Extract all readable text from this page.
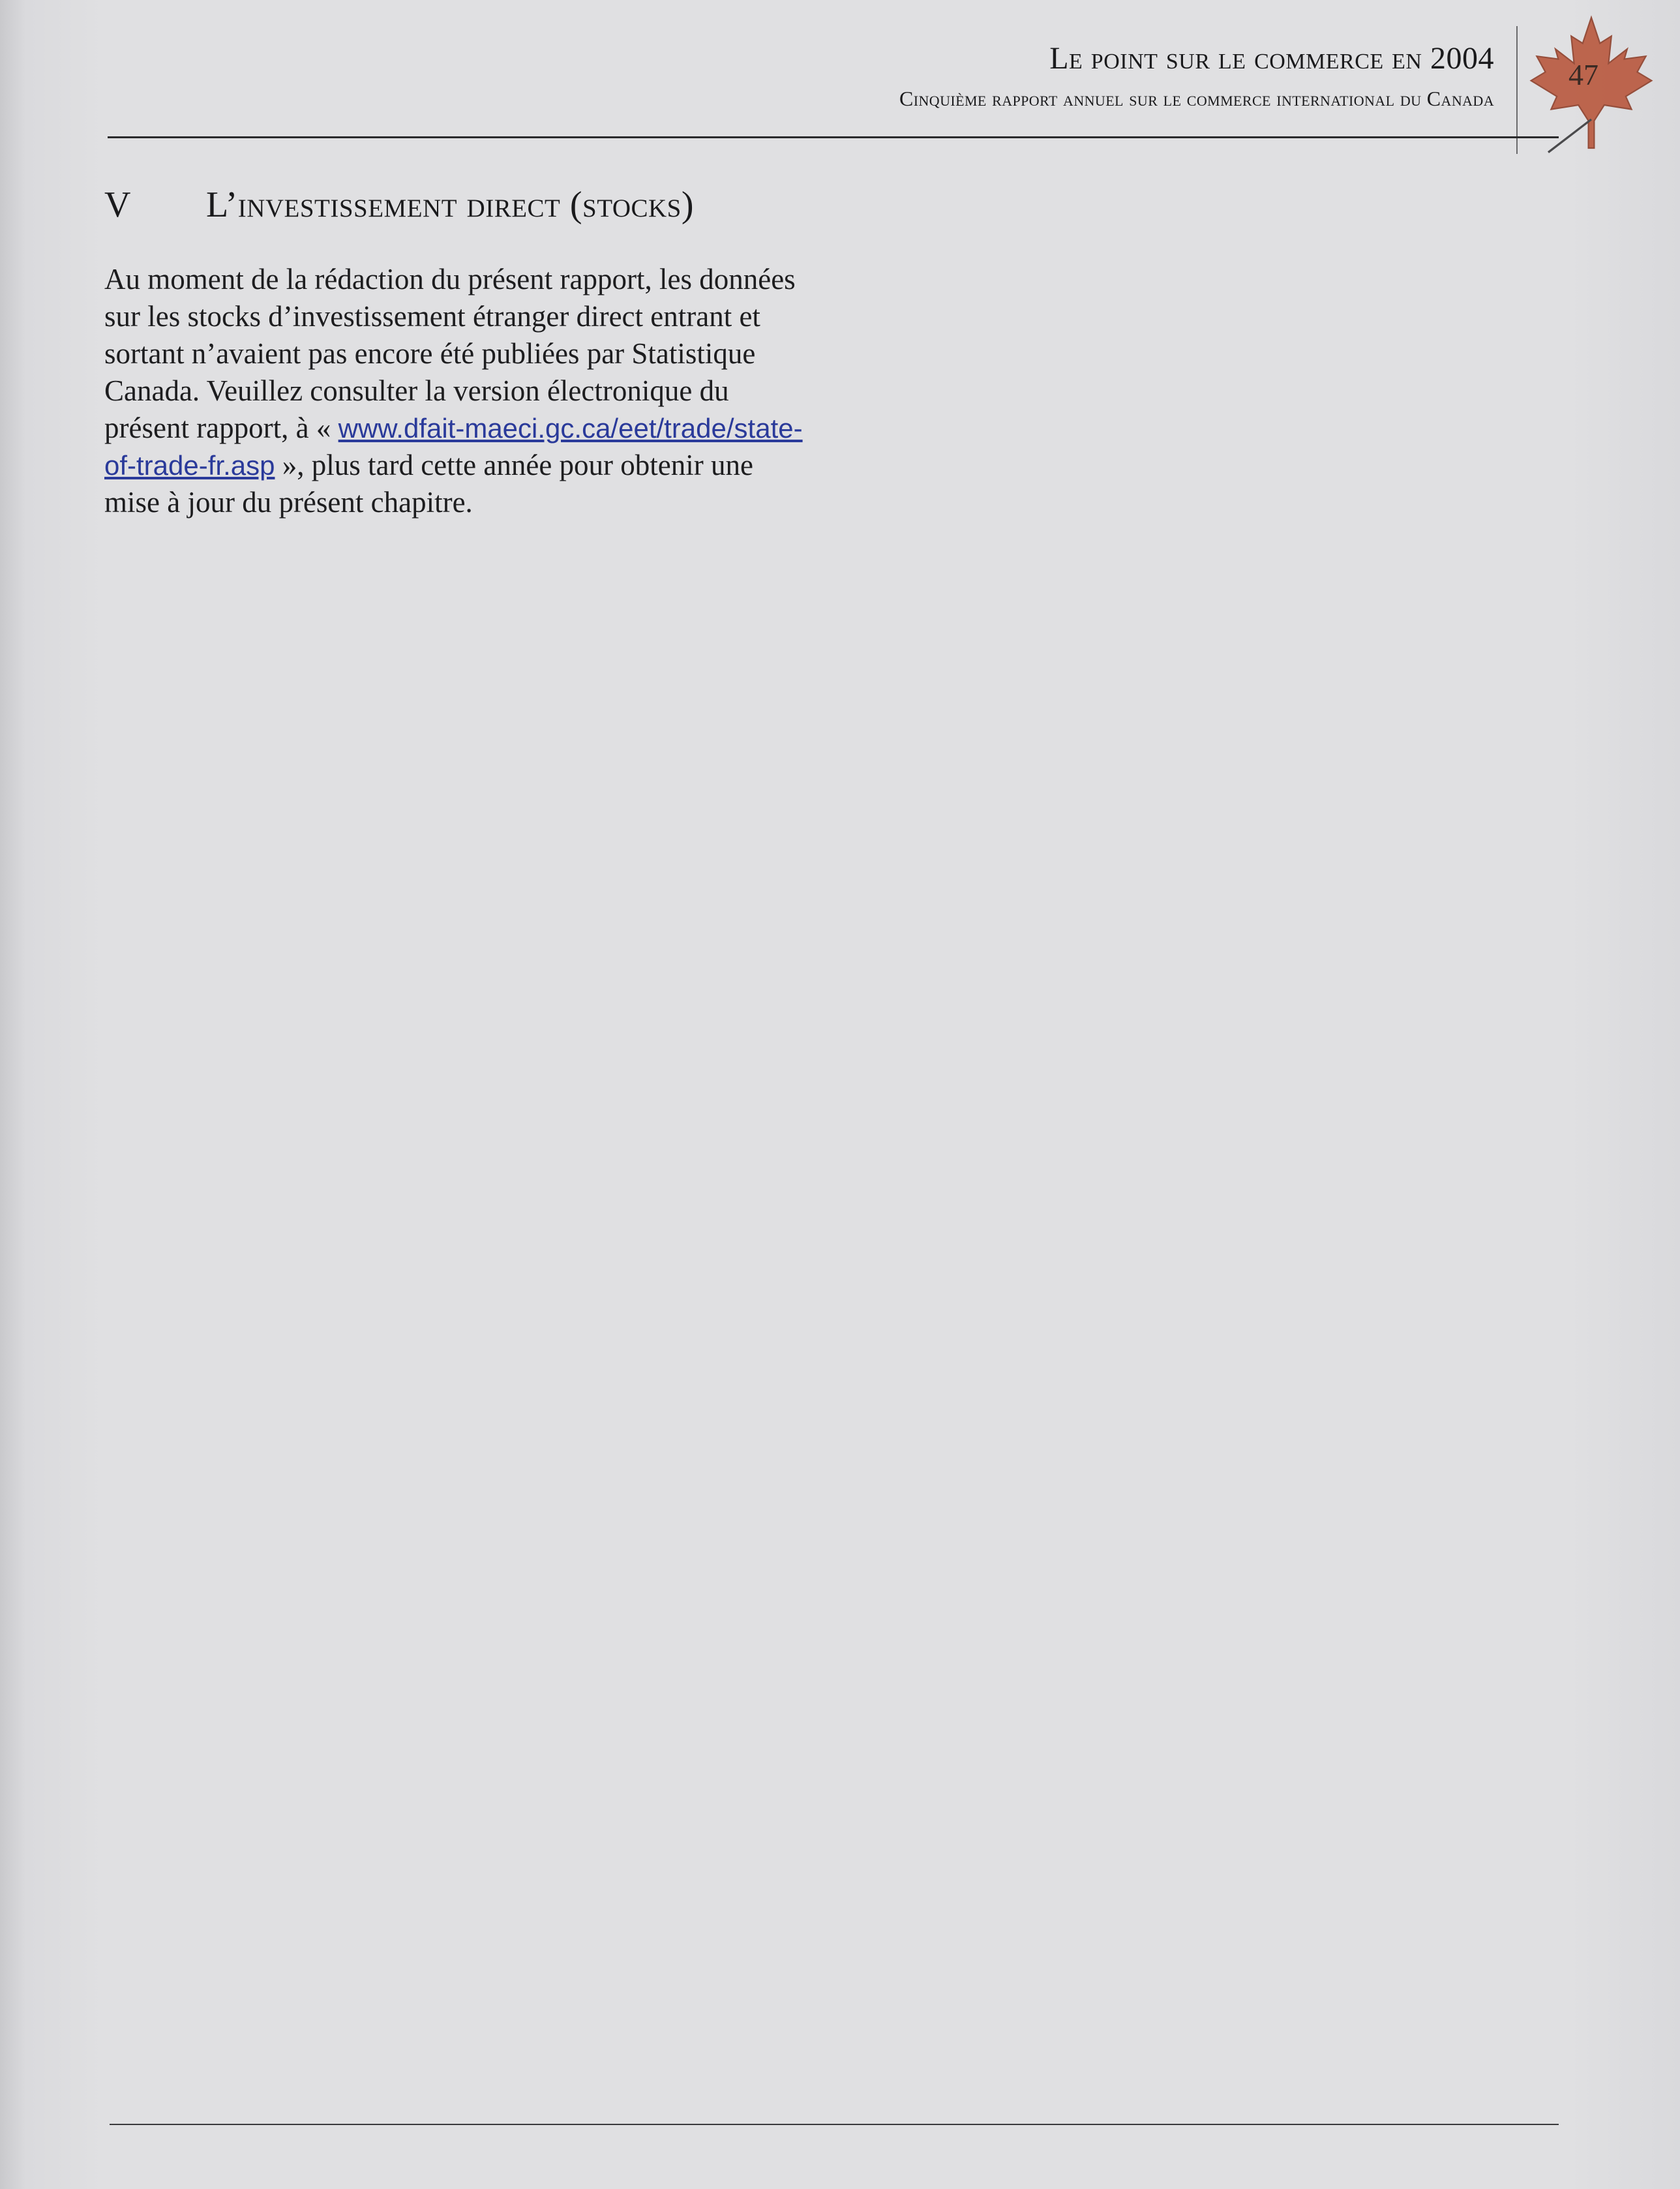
Le point sur le commerce en 2004
Cinquième rapport annuel sur le commerce international du Canada
47
V L’investissement direct (stocks)

Au moment de la rédaction du présent rapport, les données sur les stocks d’investissement étranger direct entrant et sortant n’avaient pas encore été publiées par Statistique Canada. Veuillez consulter la version électronique du présent rapport, à « www.dfait-maeci.gc.ca/eet/trade/state-of-trade-fr.asp », plus tard cette année pour obtenir une mise à jour du présent chapitre.
